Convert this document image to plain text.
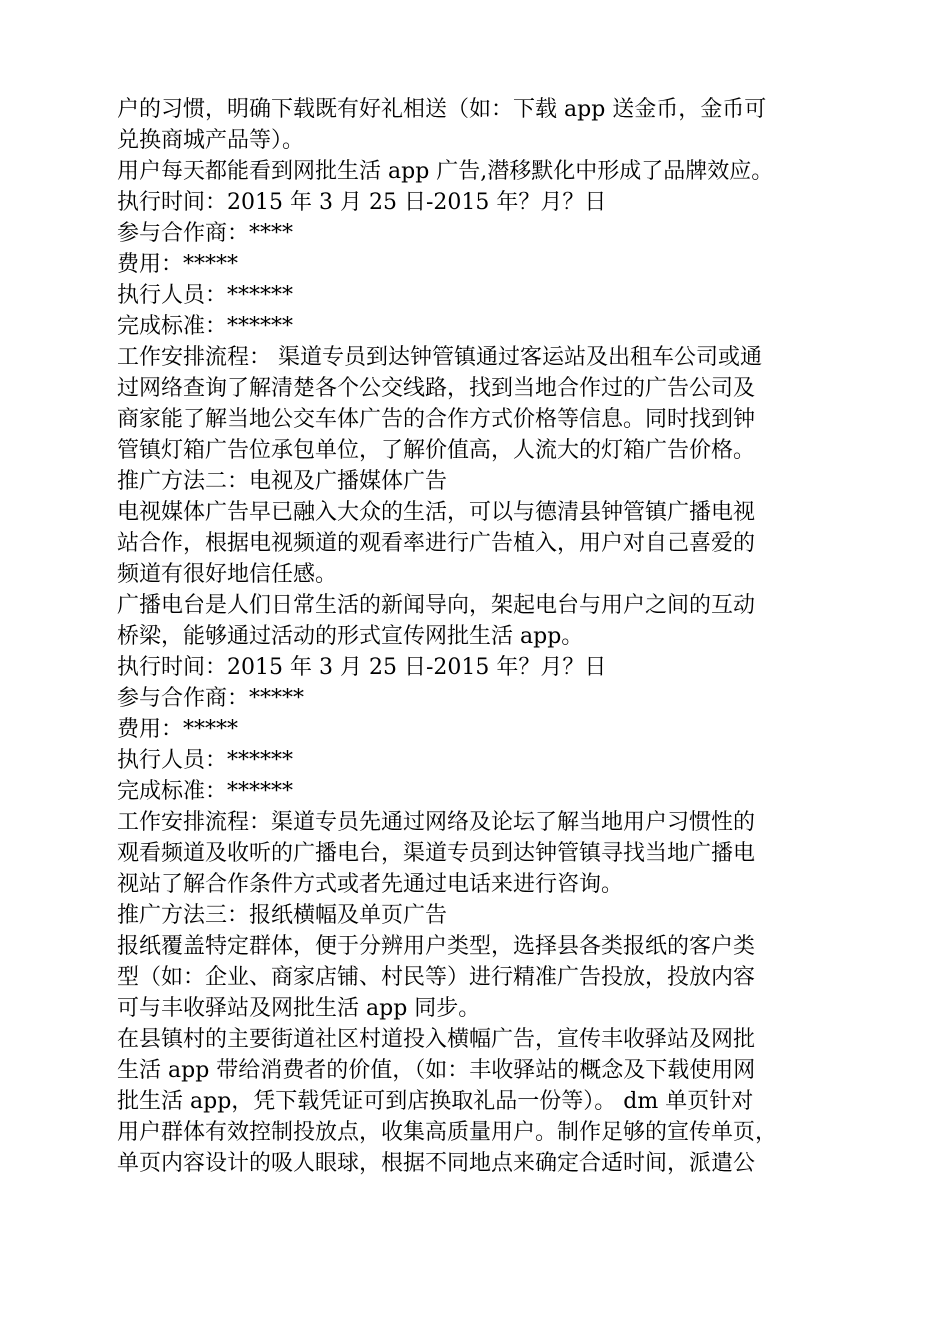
户的习惯，明确下载既有好礼相送（如：下载 app 送金币，金币可
兑换商城产品等）。
用户每天都能看到网批生活 app 广告,潜移默化中形成了品牌效应。
执行时间：2015 年 3 月 25 日-2015 年？月？日
参与合作商：****
费用：*****
执行人员：******
完成标准：******
工作安排流程： 渠道专员到达钟管镇通过客运站及出租车公司或通
过网络查询了解清楚各个公交线路，找到当地合作过的广告公司及
商家能了解当地公交车体广告的合作方式价格等信息。同时找到钟
管镇灯箱广告位承包单位，了解价值高，人流大的灯箱广告价格。
推广方法二：电视及广播媒体广告
电视媒体广告早已融入大众的生活，可以与德清县钟管镇广播电视
站合作，根据电视频道的观看率进行广告植入，用户对自己喜爱的
频道有很好地信任感。
广播电台是人们日常生活的新闻导向，架起电台与用户之间的互动
桥梁，能够通过活动的形式宣传网批生活 app。
执行时间：2015 年 3 月 25 日-2015 年？月？日
参与合作商：*****
费用：*****
执行人员：******
完成标准：******
工作安排流程：渠道专员先通过网络及论坛了解当地用户习惯性的
观看频道及收听的广播电台，渠道专员到达钟管镇寻找当地广播电
视站了解合作条件方式或者先通过电话来进行咨询。
推广方法三：报纸横幅及单页广告
报纸覆盖特定群体，便于分辨用户类型，选择县各类报纸的客户类
型（如：企业、商家店铺、村民等）进行精准广告投放，投放内容
可与丰收驿站及网批生活 app 同步。
在县镇村的主要街道社区村道投入横幅广告，宣传丰收驿站及网批
生活 app 带给消费者的价值，（如：丰收驿站的概念及下载使用网
批生活 app，凭下载凭证可到店换取礼品一份等）。 dm 单页针对
用户群体有效控制投放点，收集高质量用户。制作足够的宣传单页，
单页内容设计的吸人眼球，根据不同地点来确定合适时间，派遣公
